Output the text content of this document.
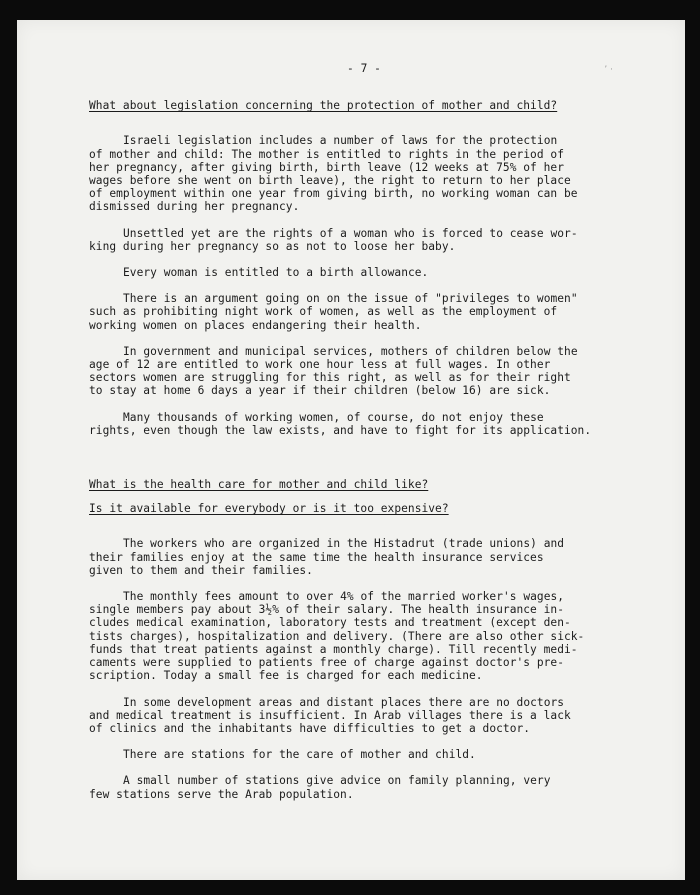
’ ·
- 7 -
What about legislation concerning the protection of mother and child?

Israeli legislation includes a number of laws for the protection
of mother and child: The mother is entitled to rights in the period of
her pregnancy, after giving birth, birth leave (12 weeks at 75% of her
wages before she went on birth leave), the right to return to her place
of employment within one year from giving birth, no working woman can be
dismissed during her pregnancy.

Unsettled yet are the rights of a woman who is forced to cease wor-
king during her pregnancy so as not to loose her baby.

Every woman is entitled to a birth allowance.

There is an argument going on on the issue of "privileges to women"
such as prohibiting night work of women, as well as the employment of
working women on places endangering their health.

In government and municipal services, mothers of children below the
age of 12 are entitled to work one hour less at full wages. In other
sectors women are struggling for this right, as well as for their right
to stay at home 6 days a year if their children (below 16) are sick.

Many thousands of working women, of course, do not enjoy these
rights, even though the law exists, and have to fight for its application.

What is the health care for mother and child like?
Is it available for everybody or is it too expensive?

The workers who are organized in the Histadrut (trade unions) and
their families enjoy at the same time the health insurance services
given to them and their families.

The monthly fees amount to over 4% of the married worker's wages,
single members pay about 3½% of their salary. The health insurance in-
cludes medical examination, laboratory tests and treatment (except den-
tists charges), hospitalization and delivery. (There are also other sick-
funds that treat patients against a monthly charge). Till recently medi-
caments were supplied to patients free of charge against doctor's pre-
scription. Today a small fee is charged for each medicine.

In some development areas and distant places there are no doctors
and medical treatment is insufficient. In Arab villages there is a lack
of clinics and the inhabitants have difficulties to get a doctor.

There are stations for the care of mother and child.

A small number of stations give advice on family planning, very
few stations serve the Arab population.
